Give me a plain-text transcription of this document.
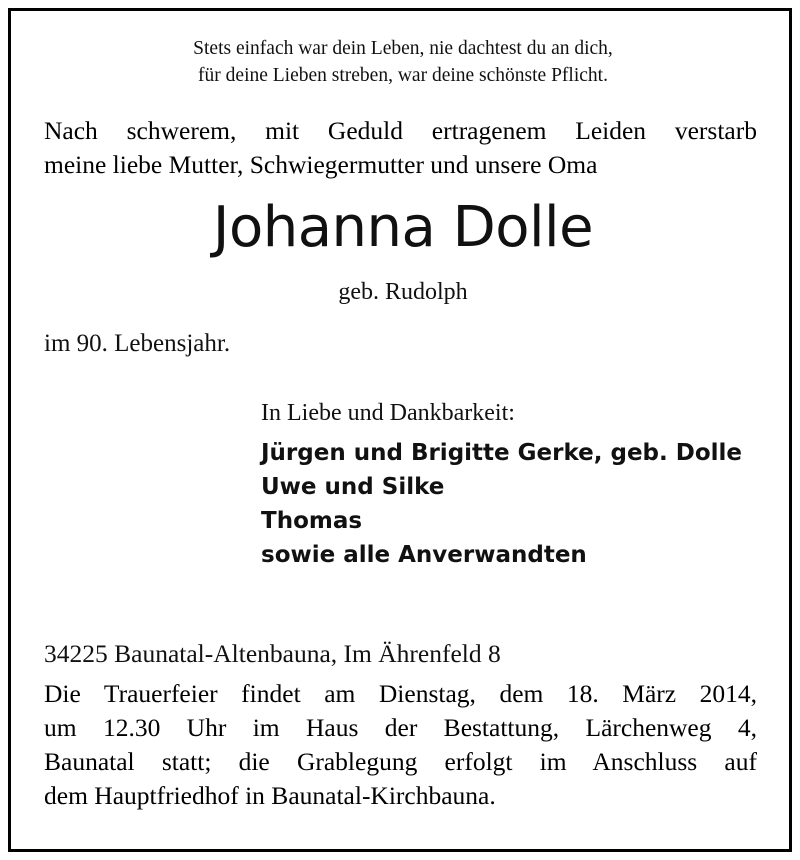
Stets einfach war dein Leben, nie dachtest du an dich,
für deine Lieben streben, war deine schönste Pflicht.
Nach schwerem, mit Geduld ertragenem Leiden verstarb
meine liebe Mutter, Schwiegermutter und unsere Oma
Johanna Dolle
geb. Rudolph
im 90. Lebensjahr.
In Liebe und Dankbarkeit:
Jürgen und Brigitte Gerke, geb. Dolle
Uwe und Silke
Thomas
sowie alle Anverwandten
34225 Baunatal-Altenbauna, Im Ährenfeld 8
Die Trauerfeier findet am Dienstag, dem 18. März 2014,
um 12.30 Uhr im Haus der Bestattung, Lärchenweg 4,
Baunatal statt; die Grablegung erfolgt im Anschluss auf
dem Hauptfriedhof in Baunatal-Kirchbauna.
